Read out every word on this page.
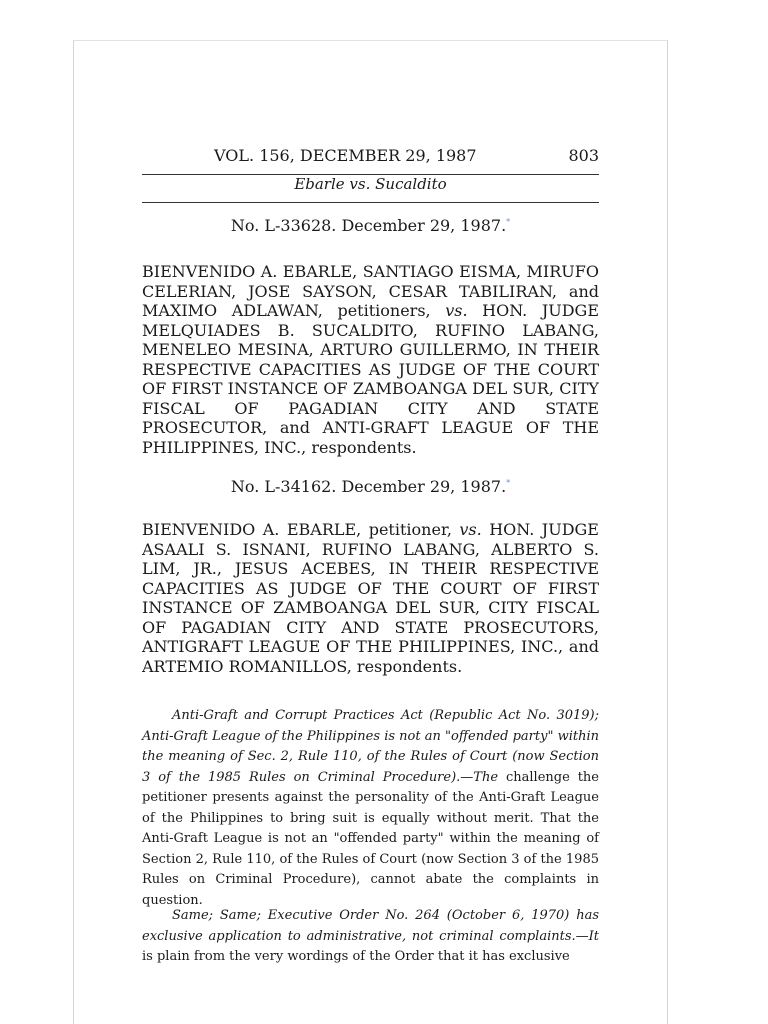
VOL. 156, DECEMBER 29, 1987	803
Ebarle vs. Sucaldito
No. L-33628. December 29, 1987.*
BIENVENIDO A. EBARLE, SANTIAGO EISMA, MIRUFO CELERIAN, JOSE SAYSON, CESAR TABILIRAN, and MAXIMO ADLAWAN, petitioners, vs. HON. JUDGE MELQUIADES B. SUCALDITO, RUFINO LABANG, MENELEO MESINA, ARTURO GUILLERMO, IN THEIR RESPECTIVE CAPACITIES AS JUDGE OF THE COURT OF FIRST INSTANCE OF ZAMBOANGA DEL SUR, CITY FISCAL OF PAGADIAN CITY AND STATE PROSECUTOR, and ANTI-GRAFT LEAGUE OF THE PHILIPPINES, INC., respondents.
No. L-34162. December 29, 1987.*
BIENVENIDO A. EBARLE, petitioner, vs. HON. JUDGE ASAALI S. ISNANI, RUFINO LABANG, ALBERTO S. LIM, JR., JESUS ACEBES, IN THEIR RESPECTIVE CAPACITIES AS JUDGE OF THE COURT OF FIRST INSTANCE OF ZAMBOANGA DEL SUR, CITY FISCAL OF PAGADIAN CITY AND STATE PROSECUTORS, ANTIGRAFT LEAGUE OF THE PHILIPPINES, INC., and ARTEMIO ROMANILLOS, respondents.

Anti-Graft and Corrupt Practices Act (Republic Act No. 3019); Anti-Graft League of the Philippines is not an "offended party" within the meaning of Sec. 2, Rule 110, of the Rules of Court (now Section 3 of the 1985 Rules on Criminal Procedure).—The challenge the petitioner presents against the personality of the Anti-Graft League of the Philippines to bring suit is equally without merit. That the Anti-Graft League is not an "offended party" within the meaning of Section 2, Rule 110, of the Rules of Court (now Section 3 of the 1985 Rules on Criminal Procedure), cannot abate the complaints in question.

Same; Same; Executive Order No. 264 (October 6, 1970) has exclusive application to administrative, not criminal complaints.—It is plain from the very wordings of the Order that it has exclusive
